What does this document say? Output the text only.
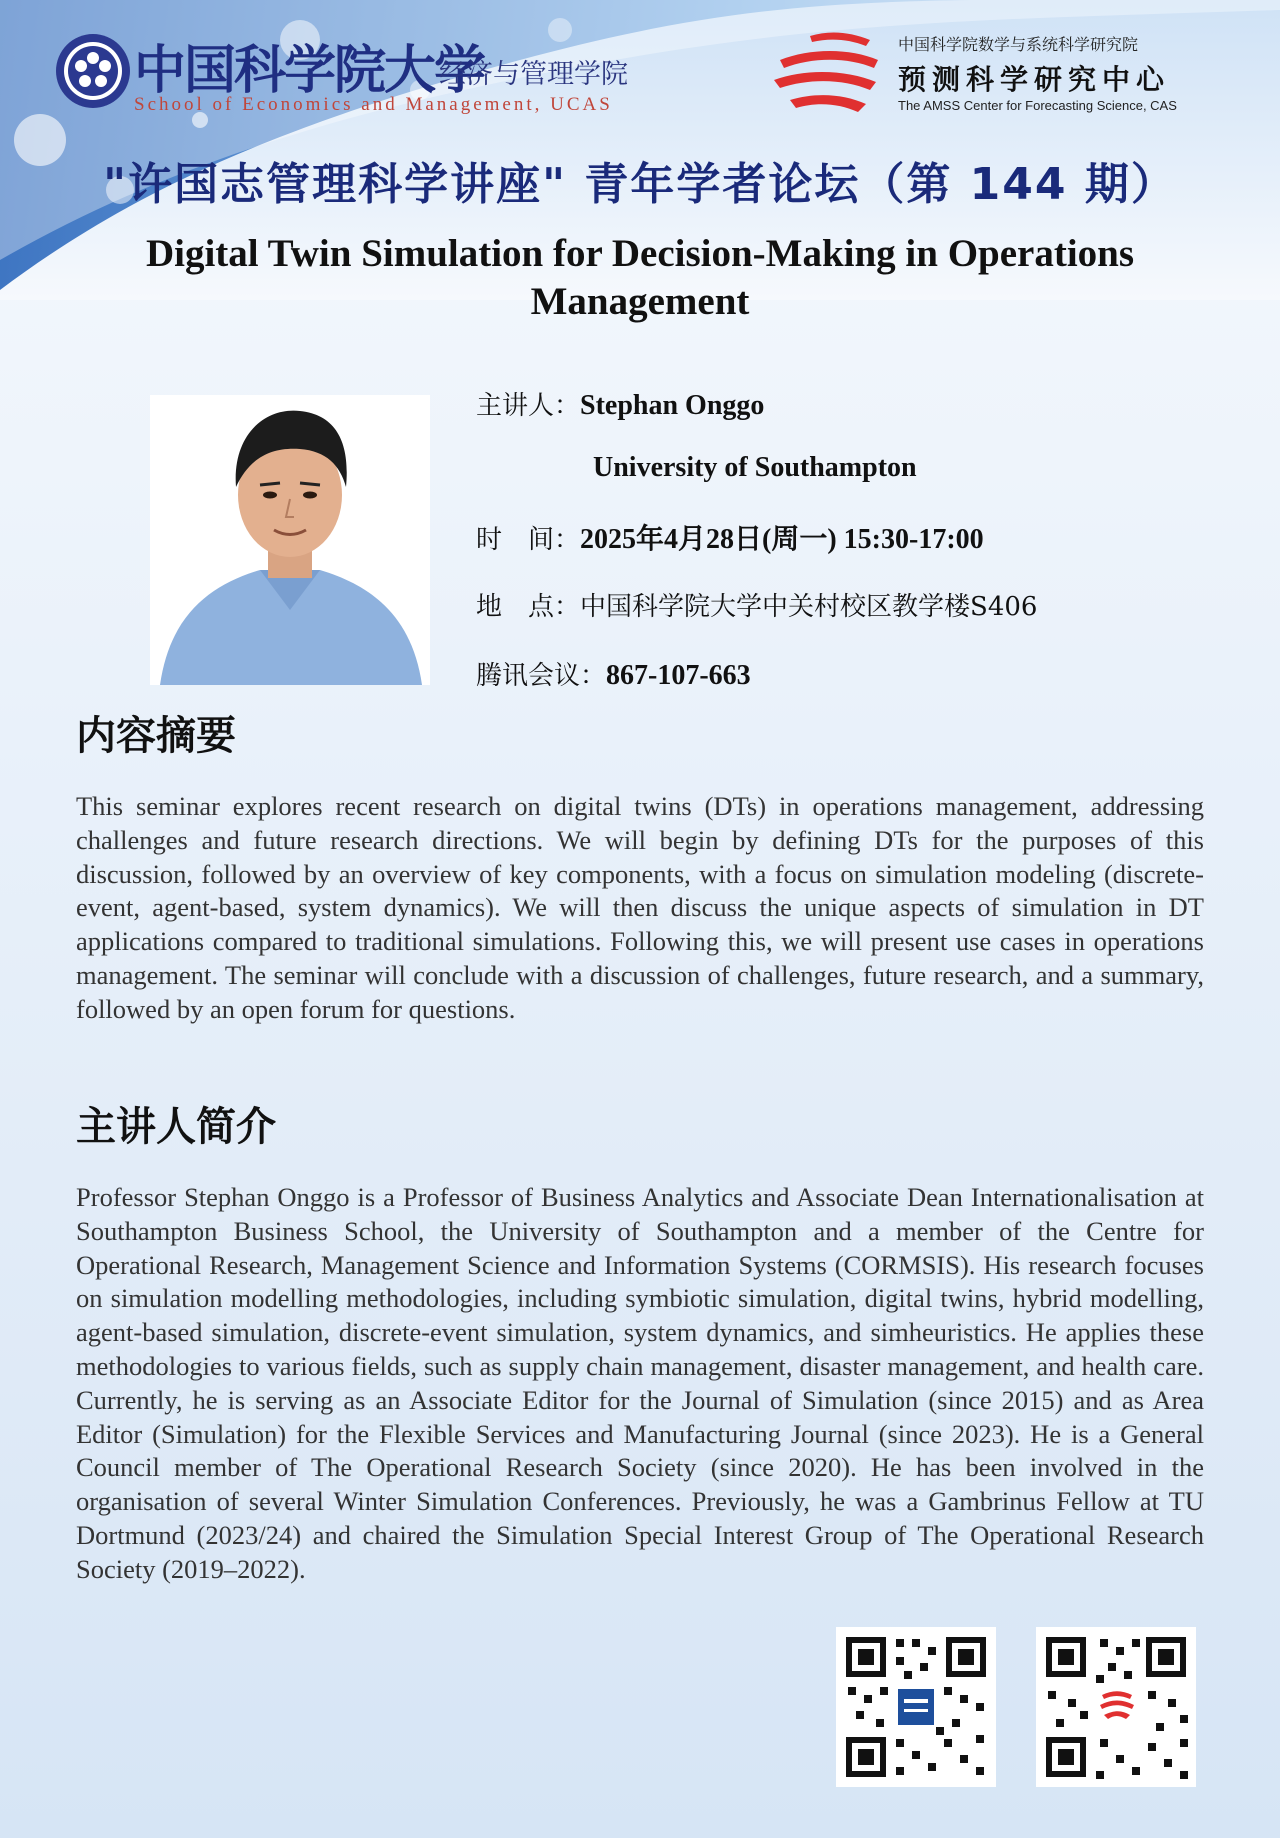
中国科学院大学
经济与管理学院
School of Economics and Management, UCAS
中国科学院数学与系统科学研究院
预测科学研究中心
The AMSS Center for Forecasting Science, CAS
"许国志管理科学讲座" 青年学者论坛（第 144 期）
Digital Twin Simulation for Decision-Making in Operations Management
主讲人：Stephan Onggo
University of Southampton
时　间：2025年4月28日(周一) 15:30-17:00
地　点：中国科学院大学中关村校区教学楼S406
腾讯会议：867-107-663
内容摘要
This seminar explores recent research on digital twins (DTs) in operations management, addressing challenges and future research directions. We will begin by defining DTs for the purposes of this discussion, followed by an overview of key components, with a focus on simulation modeling (discrete-event, agent-based, system dynamics). We will then discuss the unique aspects of simulation in DT applications compared to traditional simulations. Following this, we will present use cases in operations management. The seminar will conclude with a discussion of challenges, future research, and a summary, followed by an open forum for questions.
主讲人简介
Professor Stephan Onggo is a Professor of Business Analytics and Associate Dean Internationalisation at Southampton Business School, the University of Southampton and a member of the Centre for Operational Research, Management Science and Information Systems (CORMSIS). His research focuses on simulation modelling methodologies, including symbiotic simulation, digital twins, hybrid modelling, agent-based simulation, discrete-event simulation, system dynamics, and simheuristics. He applies these methodologies to various fields, such as supply chain management, disaster management, and health care. Currently, he is serving as an Associate Editor for the Journal of Simulation (since 2015) and as Area Editor (Simulation) for the Flexible Services and Manufacturing Journal (since 2023). He is a General Council member of The Operational Research Society (since 2020). He has been involved in the organisation of several Winter Simulation Conferences. Previously, he was a Gambrinus Fellow at TU Dortmund (2023/24) and chaired the Simulation Special Interest Group of The Operational Research Society (2019–2022).
